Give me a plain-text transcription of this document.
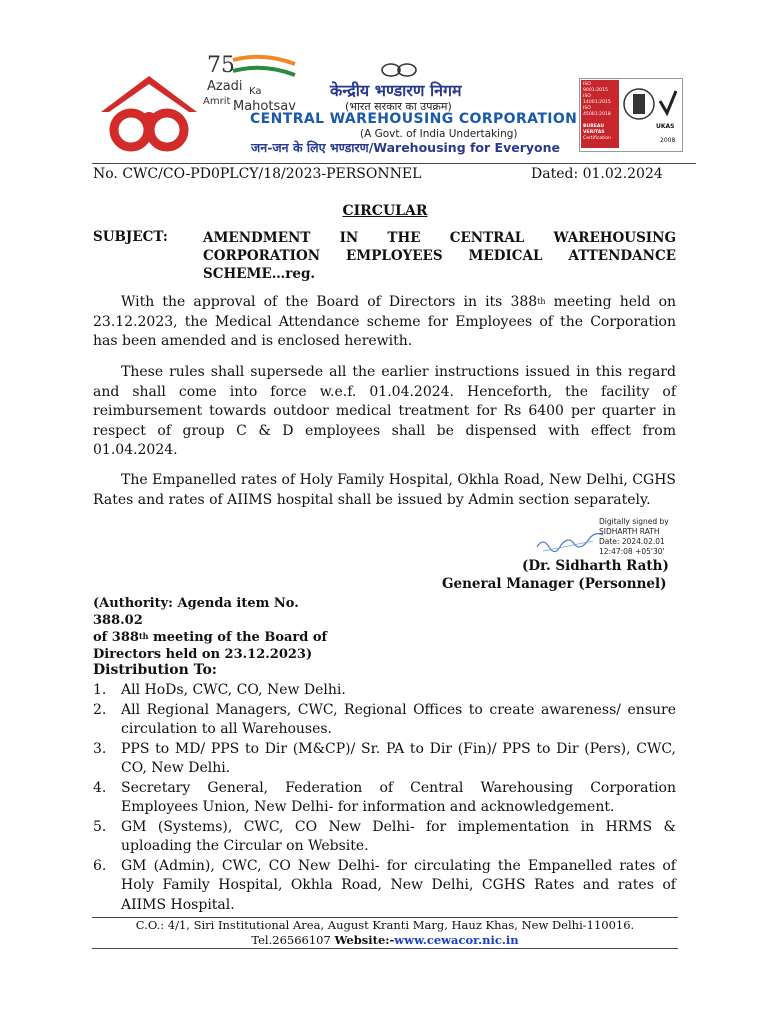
75
Azadi Ka
Amrit Mahotsav
केन्द्रीय भण्डारण निगम
(भारत सरकार का उपक्रम)
CENTRAL WAREHOUSING CORPORATION
(A Govt. of India Undertaking)
जन-जन के लिए भण्डारण/Warehousing for Everyone
ISO 9001:2015
ISO 14001:2015
ISO 45001:2018
BUREAU VERITAS
Certification
UKAS
2008
No. CWC/CO-PD0PLCY/18/2023-PERSONNEL	Dated: 01.02.2024
CIRCULAR
SUBJECT:	AMENDMENT IN THE CENTRAL WAREHOUSING CORPORATION EMPLOYEES MEDICAL ATTENDANCE SCHEME…reg.
With the approval of the Board of Directors in its 388th meeting held on 23.12.2023, the Medical Attendance scheme for Employees of the Corporation has been amended and is enclosed herewith.
These rules shall supersede all the earlier instructions issued in this regard and shall come into force w.e.f. 01.04.2024. Henceforth, the facility of reimbursement towards outdoor medical treatment for Rs 6400 per quarter in respect of group C & D employees shall be dispensed with effect from 01.04.2024.
The Empanelled rates of Holy Family Hospital, Okhla Road, New Delhi, CGHS Rates and rates of AIIMS hospital shall be issued by Admin section separately.
Digitally signed by
SIDHARTH RATH
Date: 2024.02.01
12:47:08 +05'30'
(Dr. Sidharth Rath)
General Manager (Personnel)
(Authority: Agenda item No. 388.02
of 388th meeting of the Board of
Directors held on 23.12.2023)
Distribution To:
1. All HoDs, CWC, CO, New Delhi.
2. All Regional Managers, CWC, Regional Offices to create awareness/ ensure circulation to all Warehouses.
3. PPS to MD/ PPS to Dir (M&CP)/ Sr. PA to Dir (Fin)/ PPS to Dir (Pers), CWC, CO, New Delhi.
4. Secretary General, Federation of Central Warehousing Corporation Employees Union, New Delhi- for information and acknowledgement.
5. GM (Systems), CWC, CO New Delhi- for implementation in HRMS & uploading the Circular on Website.
6. GM (Admin), CWC, CO New Delhi- for circulating the Empanelled rates of Holy Family Hospital, Okhla Road, New Delhi, CGHS Rates and rates of AIIMS Hospital.
C.O.: 4/1, Siri Institutional Area, August Kranti Marg, Hauz Khas, New Delhi-110016.
Tel.26566107 Website:-www.cewacor.nic.in
